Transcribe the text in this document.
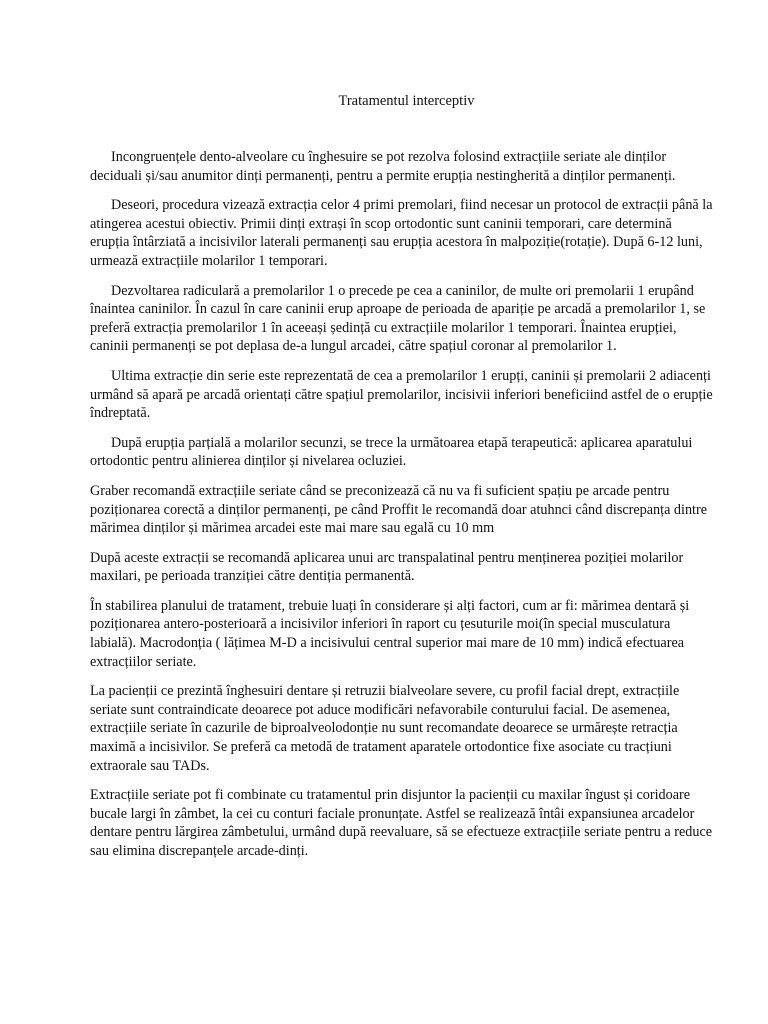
Tratamentul interceptiv

Incongruențele dento-alveolare cu înghesuire se pot rezolva folosind extracțiile seriate ale dinților deciduali și/sau anumitor dinți permanenți, pentru a permite erupția nestingherită a dinților permanenți.

Deseori, procedura vizează extracția celor 4 primi premolari, fiind necesar un protocol de extracții până la atingerea acestui obiectiv. Primii dinți extrași în scop ortodontic sunt caninii temporari, care determină erupția întârziată a incisivilor laterali permanenți sau erupția acestora în malpoziție(rotație). După 6-12 luni, urmează extracțiile molarilor 1 temporari.

Dezvoltarea radiculară a premolarilor 1 o precede pe cea a caninilor, de multe ori premolarii 1 erupând înaintea caninilor. În cazul în care caninii erup aproape de perioada de apariție pe arcadă a premolarilor 1, se preferă extracția premolarilor 1 în aceeași ședință cu extracțiile molarilor 1 temporari. Înaintea erupției, caninii permanenți se pot deplasa de-a lungul arcadei, către spațiul coronar al premolarilor 1.

Ultima extracție din serie este reprezentată de cea a premolarilor 1 erupți, caninii și premolarii 2 adiacenți urmând să apară pe arcadă orientați către spațiul premolarilor, incisivii inferiori beneficiind astfel de o erupție îndreptată.

După erupția parțială a molarilor secunzi, se trece la următoarea etapă terapeutică: aplicarea aparatului ortodontic pentru alinierea dinților și nivelarea ocluziei.

Graber recomandă extracțiile seriate când se preconizează că nu va fi suficient spațiu pe arcade pentru poziționarea corectă a dinților permanenți, pe când Proffit le recomandă doar atuhnci când discrepanța dintre mărimea dinților și mărimea arcadei este mai mare sau egală cu 10 mm

După aceste extracții se recomandă aplicarea unui arc transpalatinal pentru menținerea poziției molarilor maxilari, pe perioada tranziției către dentiția permanentă.

În stabilirea planului de tratament, trebuie luați în considerare și alți factori, cum ar fi: mărimea dentară și poziționarea antero-posterioară a incisivilor inferiori în raport cu țesuturile moi(în special musculatura labială). Macrodonția ( lățimea M-D a incisivului central superior mai mare de 10 mm) indică efectuarea extracțiilor seriate.

La pacienții ce prezintă înghesuiri dentare și retruzii bialveolare severe, cu profil facial drept, extracțiile seriate sunt contraindicate deoarece pot aduce modificări nefavorabile conturului facial. De asemenea, extracțiile seriate în cazurile de biproalveolodonție nu sunt recomandate deoarece se urmărește retracția maximă a incisivilor. Se preferă ca metodă de tratament aparatele ortodontice fixe asociate cu tracțiuni extraorale sau TADs.

Extracțiile seriate pot fi combinate cu tratamentul prin disjuntor la pacienții cu maxilar îngust și coridoare bucale largi în zâmbet, la cei cu conturi faciale pronunțate. Astfel se realizează întâi expansiunea arcadelor dentare pentru lărgirea zâmbetului, urmând după reevaluare, să se efectueze extracțiile seriate pentru a reduce sau elimina discrepanțele arcade-dinți.
